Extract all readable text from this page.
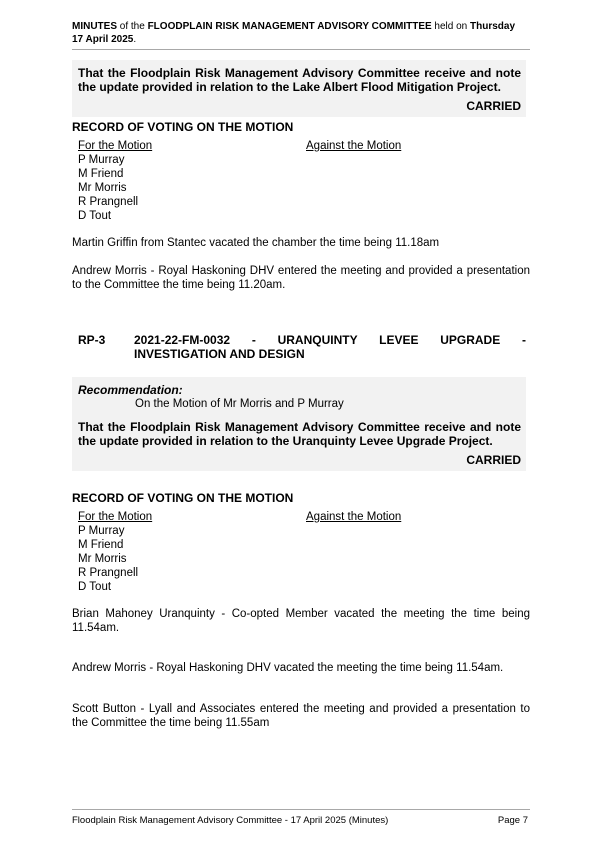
MINUTES of the FLOODPLAIN RISK MANAGEMENT ADVISORY COMMITTEE held on Thursday
17 April 2025.
That the Floodplain Risk Management Advisory Committee receive and note the update provided in relation to the Lake Albert Flood Mitigation Project.
CARRIED
RECORD OF VOTING ON THE MOTION
For the Motion	Against the Motion
P Murray
M Friend
Mr Morris
R Prangnell
D Tout
Martin Griffin from Stantec vacated the chamber the time being 11.18am
Andrew Morris - Royal Haskoning DHV entered the meeting and provided a presentation to the Committee the time being 11.20am.
RP-3 2021-22-FM-0032 - URANQUINTY LEVEE UPGRADE -
INVESTIGATION AND DESIGN
Recommendation:
On the Motion of Mr Morris and P Murray
That the Floodplain Risk Management Advisory Committee receive and note the update provided in relation to the Uranquinty Levee Upgrade Project.
CARRIED
RECORD OF VOTING ON THE MOTION
For the Motion	Against the Motion
P Murray
M Friend
Mr Morris
R Prangnell
D Tout
Brian Mahoney Uranquinty - Co-opted Member vacated the meeting the time being 11.54am.
Andrew Morris - Royal Haskoning DHV vacated the meeting the time being 11.54am.
Scott Button - Lyall and Associates entered the meeting and provided a presentation to the Committee the time being 11.55am
Floodplain Risk Management Advisory Committee - 17 April 2025 (Minutes)	Page 7
